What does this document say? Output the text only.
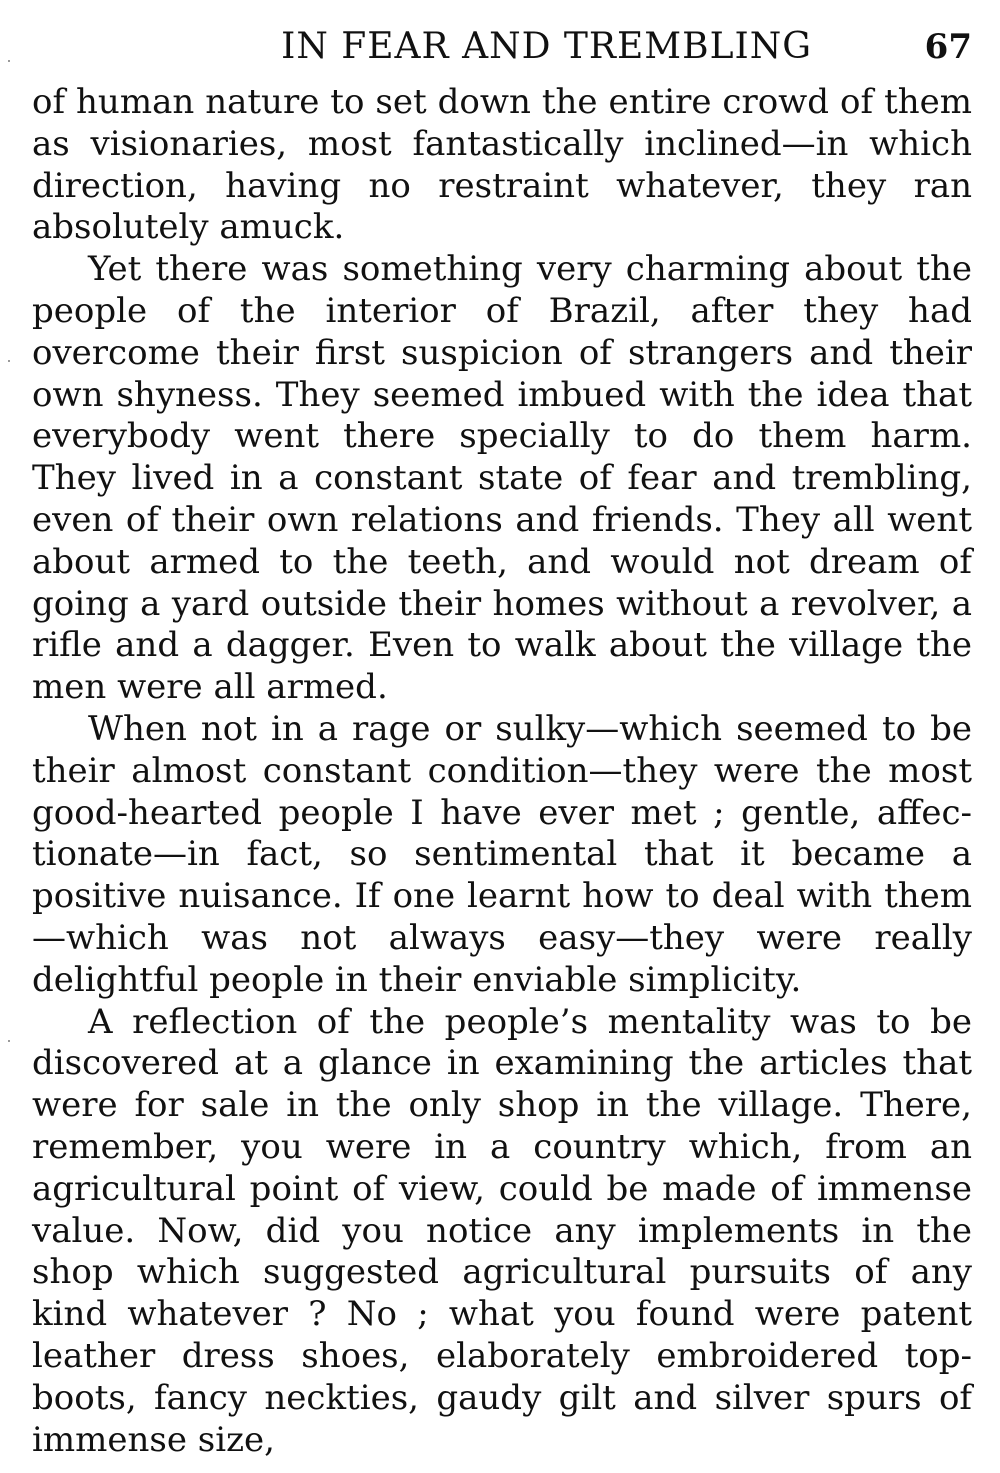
IN FEAR AND TREMBLING	67

of human nature to set down the entire crowd of them as visionaries, most fantastically inclined—in which direction, having no restraint whatever, they ran absolutely amuck.

Yet there was something very charming about the people of the interior of Brazil, after they had overcome their first suspicion of strangers and their own shyness. They seemed imbued with the idea that everybody went there specially to do them harm. They lived in a constant state of fear and trembling, even of their own relations and friends. They all went about armed to the teeth, and would not dream of going a yard outside their homes without a revolver, a rifle and a dagger. Even to walk about the village the men were all armed.

When not in a rage or sulky—which seemed to be their almost constant condition—they were the most good-hearted people I have ever met ; gentle, affectionate—in fact, so sentimental that it became a positive nuisance. If one learnt how to deal with them—which was not always easy—they were really delightful people in their enviable simplicity.

A reflection of the people’s mentality was to be discovered at a glance in examining the articles that were for sale in the only shop in the village. There, remember, you were in a country which, from an agricultural point of view, could be made of immense value. Now, did you notice any implements in the shop which suggested agricultural pursuits of any kind whatever ? No ; what you found were patent leather dress shoes, elaborately embroidered top-boots, fancy neckties, gaudy gilt and silver spurs of immense size,
